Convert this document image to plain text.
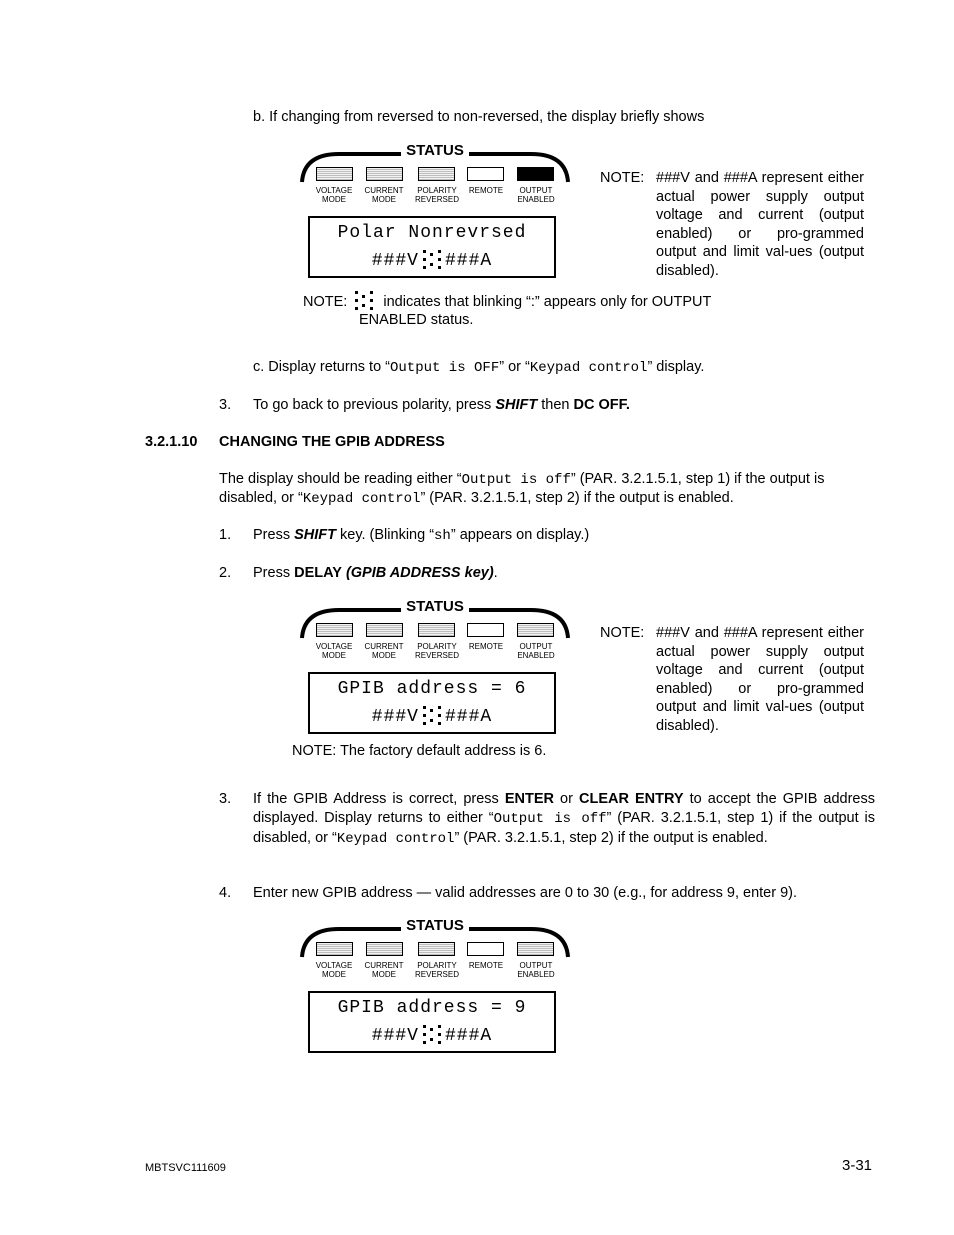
b. If changing from reversed to non-reversed, the display briefly shows
STATUS
VOLTAGE
MODE
CURRENT
MODE
POLARITY
REVERSED
REMOTE	OUTPUT
ENABLED
Polar Nonrevrsed
###V ###A
NOTE: ###V and ###A represent either actual power supply output voltage and current (output enabled) or pro-grammed output and limit val-ues (output disabled).
NOTE: indicates that blinking “:” appears only for OUTPUT
ENABLED status.
c. Display returns to “Output is OFF” or “Keypad control” display.
3. To go back to previous polarity, press SHIFT then DC OFF.
3.2.1.10 CHANGING THE GPIB ADDRESS
The display should be reading either “Output is off” (PAR. 3.2.1.5.1, step 1) if the output is
disabled, or “Keypad control” (PAR. 3.2.1.5.1, step 2) if the output is enabled.
1. Press SHIFT key. (Blinking “sh” appears on display.)
2. Press DELAY (GPIB ADDRESS key).
STATUS
VOLTAGE
MODE
CURRENT
MODE
POLARITY
REVERSED
REMOTE	OUTPUT
ENABLED
GPIB address = 6
###V ###A
NOTE: ###V and ###A represent either actual power supply output voltage and current (output enabled) or pro-grammed output and limit val-ues (output disabled).
NOTE: The factory default address is 6.
3. If the GPIB Address is correct, press ENTER or CLEAR ENTRY to accept the GPIB address displayed. Display returns to either “Output is off” (PAR. 3.2.1.5.1, step 1) if the output is disabled, or “Keypad control” (PAR. 3.2.1.5.1, step 2) if the output is enabled.
4. Enter new GPIB address — valid addresses are 0 to 30 (e.g., for address 9, enter 9).
STATUS
VOLTAGE
MODE
CURRENT
MODE
POLARITY
REVERSED
REMOTE	OUTPUT
ENABLED
GPIB address = 9
###V ###A
MBTSVC111609	3-31
